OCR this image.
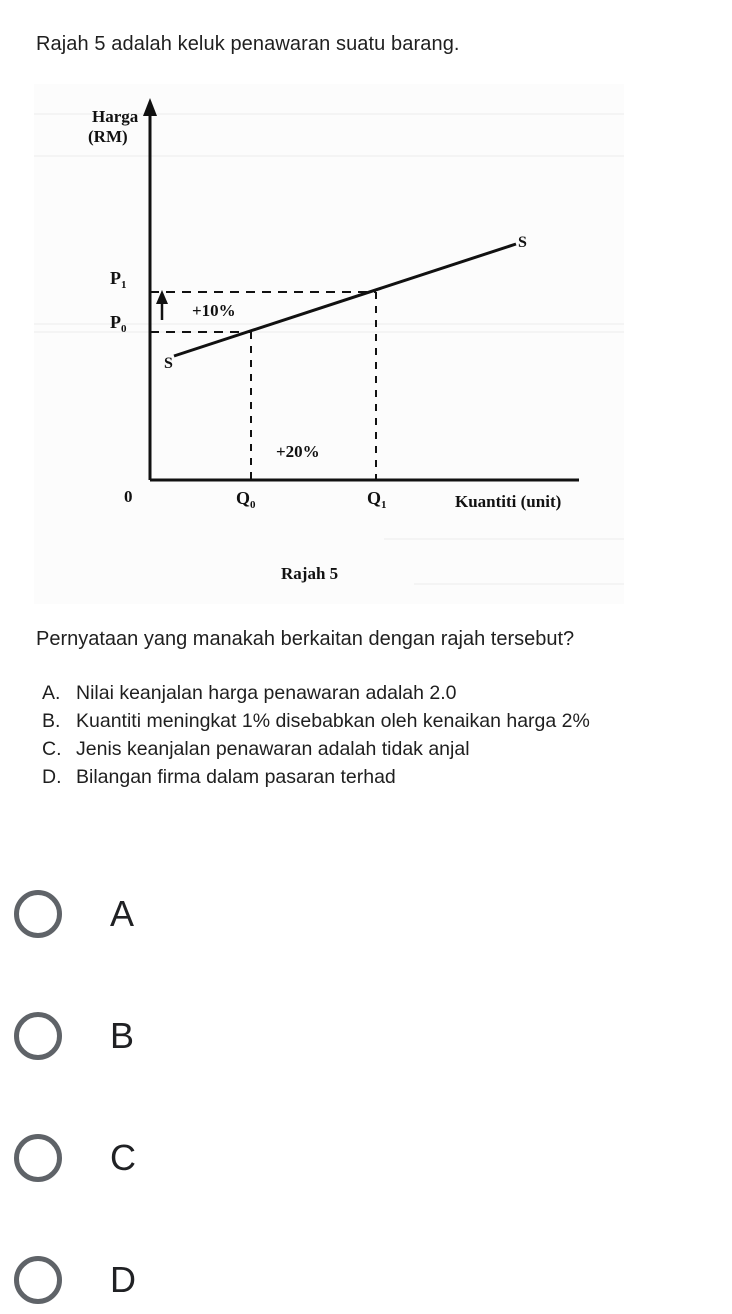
Rajah 5 adalah keluk penawaran suatu barang.
Harga
(RM)
$P_1$
$P_0$
+10%
+20%
S
S
0	$Q_0$	$Q_1$	Kuantiti (unit)
Rajah 5
Pernyataan yang manakah berkaitan dengan rajah tersebut?
A. Nilai keanjalan harga penawaran adalah 2.0
B. Kuantiti meningkat 1% disebabkan oleh kenaikan harga 2%
C. Jenis keanjalan penawaran adalah tidak anjal
D. Bilangan firma dalam pasaran terhad
A
B
C
D
